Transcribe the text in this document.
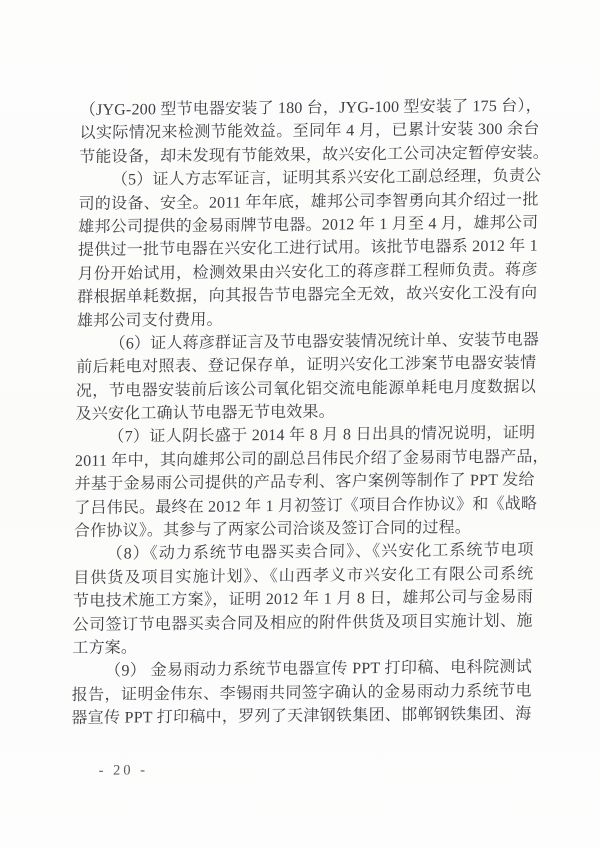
（JYG-200 型节电器安装了 180 台，JYG-100 型安装了 175 台），
以实际情况来检测节能效益。至同年 4 月，已累计安装 300 余台
节能设备，却未发现有节能效果，故兴安化工公司决定暂停安装。
（5）证人方志军证言，证明其系兴安化工副总经理，负责公
司的设备、安全。2011 年年底，雄邦公司李智勇向其介绍过一批
雄邦公司提供的金易雨牌节电器。2012 年 1 月至 4 月，雄邦公司
提供过一批节电器在兴安化工进行试用。该批节电器系 2012 年 1
月份开始试用，检测效果由兴安化工的蒋彦群工程师负责。蒋彦
群根据单耗数据，向其报告节电器完全无效，故兴安化工没有向
雄邦公司支付费用。
（6）证人蒋彦群证言及节电器安装情况统计单、安装节电器
前后耗电对照表、登记保存单，证明兴安化工涉案节电器安装情
况，节电器安装前后该公司氧化铝交流电能源单耗电月度数据以
及兴安化工确认节电器无节电效果。
（7）证人阴长盛于 2014 年 8 月 8 日出具的情况说明，证明
2011 年中，其向雄邦公司的副总吕伟民介绍了金易雨节电器产品，
并基于金易雨公司提供的产品专利、客户案例等制作了 PPT 发给
了吕伟民。最终在 2012 年 1 月初签订《项目合作协议》和《战略
合作协议》。其参与了两家公司洽谈及签订合同的过程。
（8）《动力系统节电器买卖合同》、《兴安化工系统节电项
目供货及项目实施计划》、《山西孝义市兴安化工有限公司系统
节电技术施工方案》，证明 2012 年 1 月 8 日，雄邦公司与金易雨
公司签订节电器买卖合同及相应的附件供货及项目实施计划、施
工方案。
（9） 金易雨动力系统节电器宣传 PPT 打印稿、电科院测试
报告，证明金伟东、李锡雨共同签字确认的金易雨动力系统节电
器宣传 PPT 打印稿中，罗列了天津钢铁集团、邯郸钢铁集团、海
- 20 -
